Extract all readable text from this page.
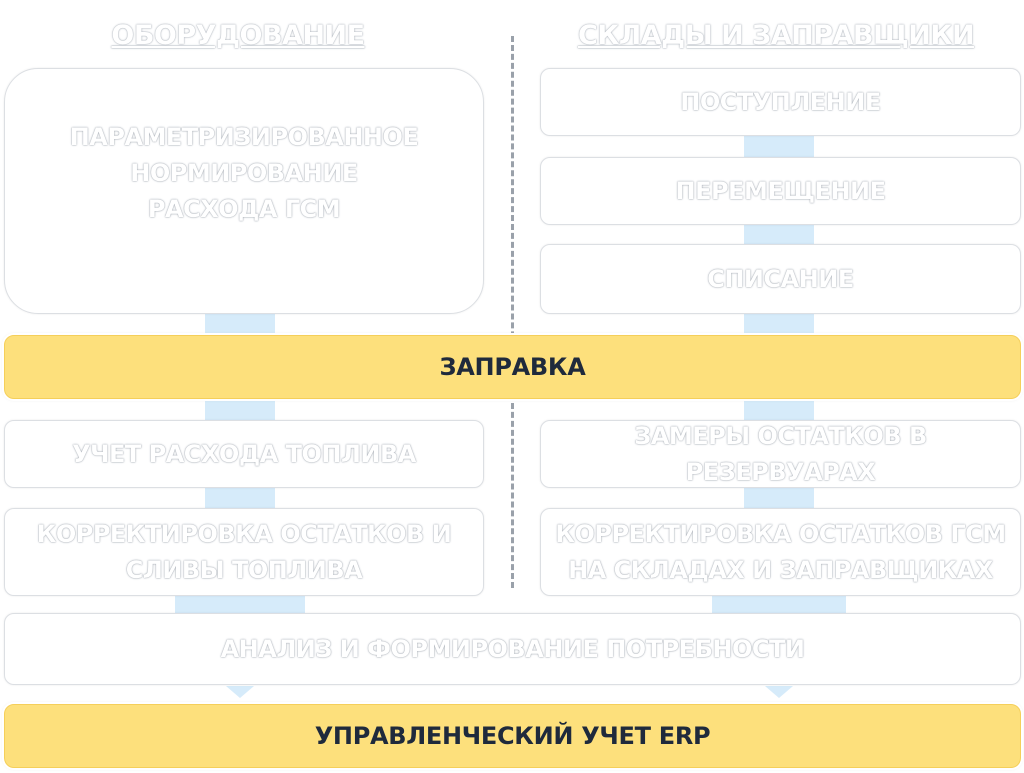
ОБОРУДОВАНИЕ	СКЛАДЫ И ЗАПРАВЩИКИ
ПАРАМЕТРИЗИРОВАННОЕ
НОРМИРОВАНИЕ
РАСХОДА ГСМ
УЧЕТ РАСХОДА ТОПЛИВА
КОРРЕКТИРОВКА ОСТАТКОВ И
СЛИВЫ ТОПЛИВА
ПОСТУПЛЕНИЕ
ПЕРЕМЕЩЕНИЕ
СПИСАНИЕ
ЗАМЕРЫ ОСТАТКОВ В
РЕЗЕРВУАРАХ
КОРРЕКТИРОВКА ОСТАТКОВ ГСМ
НА СКЛАДАХ И ЗАПРАВЩИКАХ
ЗАПРАВКА
АНАЛИЗ И ФОРМИРОВАНИЕ ПОТРЕБНОСТИ
УПРАВЛЕНЧЕСКИЙ УЧЕТ ERP
